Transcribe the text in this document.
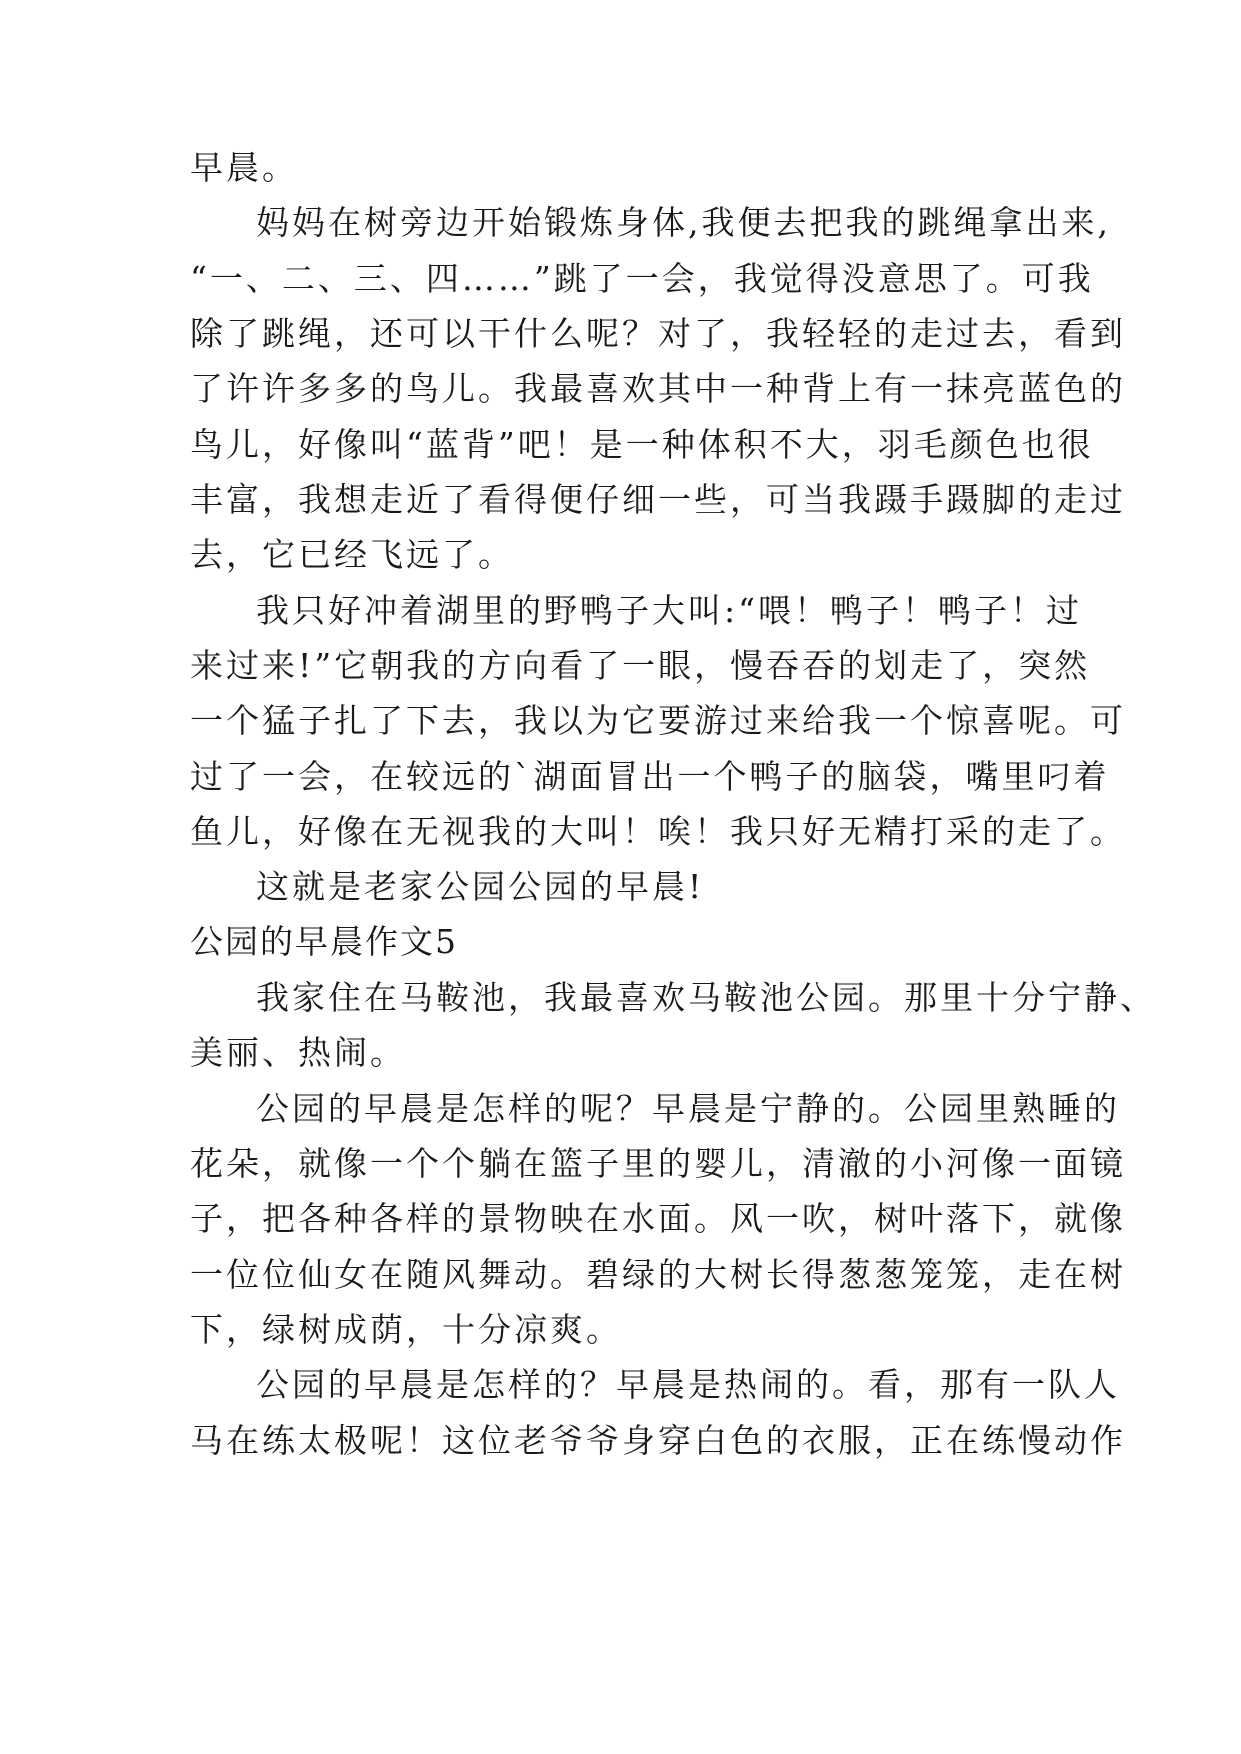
早晨。
妈妈在树旁边开始锻炼身体,我便去把我的跳绳拿出来,
“一、二、三、四……”跳了一会，我觉得没意思了。可我
除了跳绳，还可以干什么呢？对了，我轻轻的走过去，看到
了许许多多的鸟儿。我最喜欢其中一种背上有一抹亮蓝色的
鸟儿，好像叫“蓝背”吧！是一种体积不大，羽毛颜色也很
丰富，我想走近了看得便仔细一些，可当我蹑手蹑脚的走过
去，它已经飞远了。
我只好冲着湖里的野鸭子大叫:“喂！鸭子！鸭子！过
来过来!”它朝我的方向看了一眼，慢吞吞的划走了，突然
一个猛子扎了下去，我以为它要游过来给我一个惊喜呢。可
过了一会，在较远的`湖面冒出一个鸭子的脑袋，嘴里叼着
鱼儿，好像在无视我的大叫！唉！我只好无精打采的走了。
这就是老家公园公园的早晨!
公园的早晨作文5
我家住在马鞍池，我最喜欢马鞍池公园。那里十分宁静、
美丽、热闹。
公园的早晨是怎样的呢？早晨是宁静的。公园里熟睡的
花朵，就像一个个躺在篮子里的婴儿，清澈的小河像一面镜
子，把各种各样的景物映在水面。风一吹，树叶落下，就像
一位位仙女在随风舞动。碧绿的大树长得葱葱笼笼，走在树
下，绿树成荫，十分凉爽。
公园的早晨是怎样的？早晨是热闹的。看，那有一队人
马在练太极呢！这位老爷爷身穿白色的衣服，正在练慢动作
